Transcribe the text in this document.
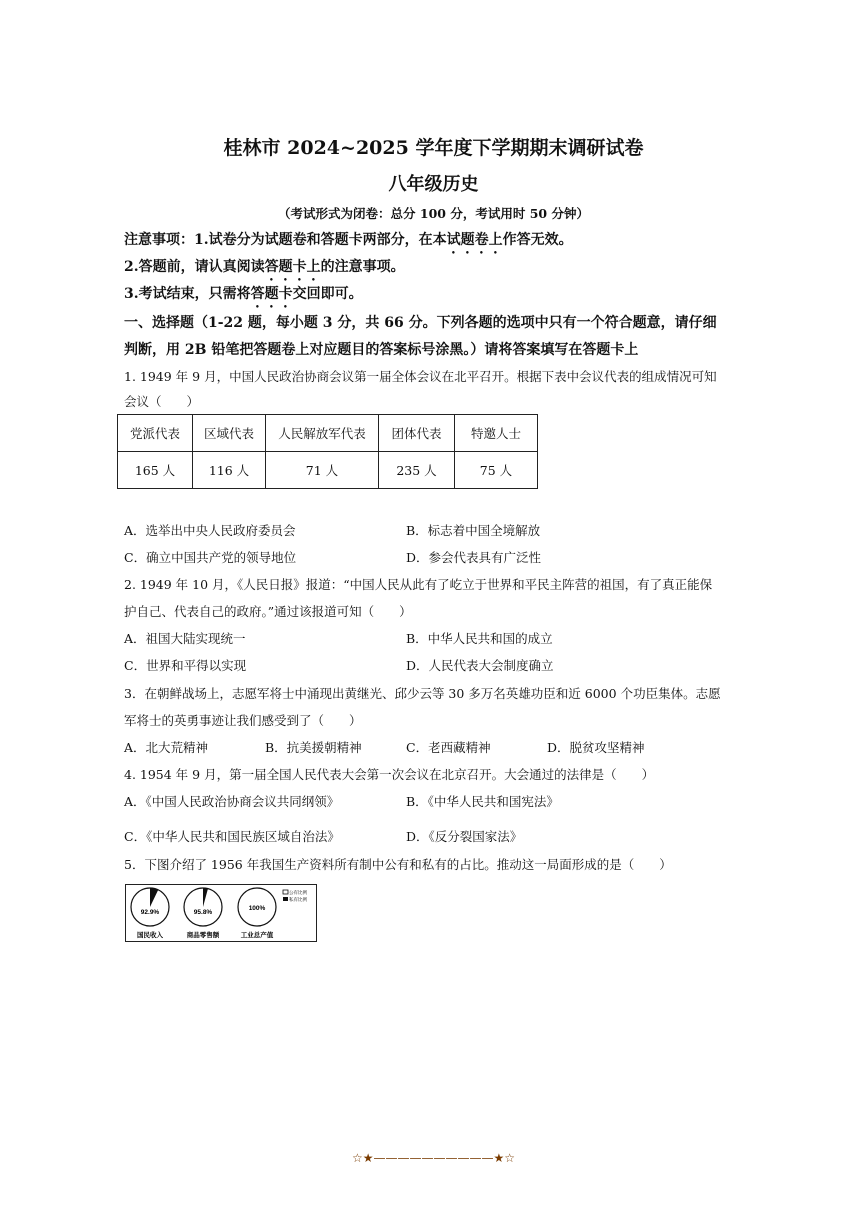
桂林市 2024~2025 学年度下学期期末调研试卷
八年级历史
（考试形式为闭卷：总分 100 分，考试用时 50 分钟）
注意事项：1.试卷分为试题卷和答题卡两部分，在本试题卷上作答无效。
2.答题前，请认真阅读答题卡上的注意事项。
3.考试结束，只需将答题卡交回即可。
一、选择题（1-22 题，每小题 3 分，共 66 分。下列各题的选项中只有一个符合题意，请仔细
判断，用 2B 铅笔把答题卷上对应题目的答案标号涂黑。）请将答案填写在答题卡上
1. 1949 年 9 月，中国人民政治协商会议第一届全体会议在北平召开。根据下表中会议代表的组成情况可知
会议（　　）
党派代表	区域代表	人民解放军代表	团体代表	特邀人士
165 人	116 人	71 人	235 人	75 人
A．选举出中央人民政府委员会	B．标志着中国全境解放
C．确立中国共产党的领导地位	D．参会代表具有广泛性
2. 1949 年 10 月，《人民日报》报道：“中国人民从此有了屹立于世界和平民主阵营的祖国，有了真正能保
护自己、代表自己的政府。”通过该报道可知（　　）
A．祖国大陆实现统一	B．中华人民共和国的成立
C．世界和平得以实现	D．人民代表大会制度确立
3．在朝鲜战场上，志愿军将士中涌现出黄继光、邱少云等 30 多万名英雄功臣和近 6000 个功臣集体。志愿
军将士的英勇事迹让我们感受到了（　　）
A．北大荒精神	B．抗美援朝精神	C．老西藏精神	D．脱贫攻坚精神
4. 1954 年 9 月，第一届全国人民代表大会第一次会议在北京召开。大会通过的法律是（　　）
A．《中国人民政治协商会议共同纲领》	B．《中华人民共和国宪法》
C．《中华人民共和国民族区域自治法》	D．《反分裂国家法》
5．下图介绍了 1956 年我国生产资料所有制中公有和私有的占比。推动这一局面形成的是（　　）
92.9%
国民收入
95.8%
商品零售额
100%
工业总产值
公有比例
私有比例
☆★——————————★☆
